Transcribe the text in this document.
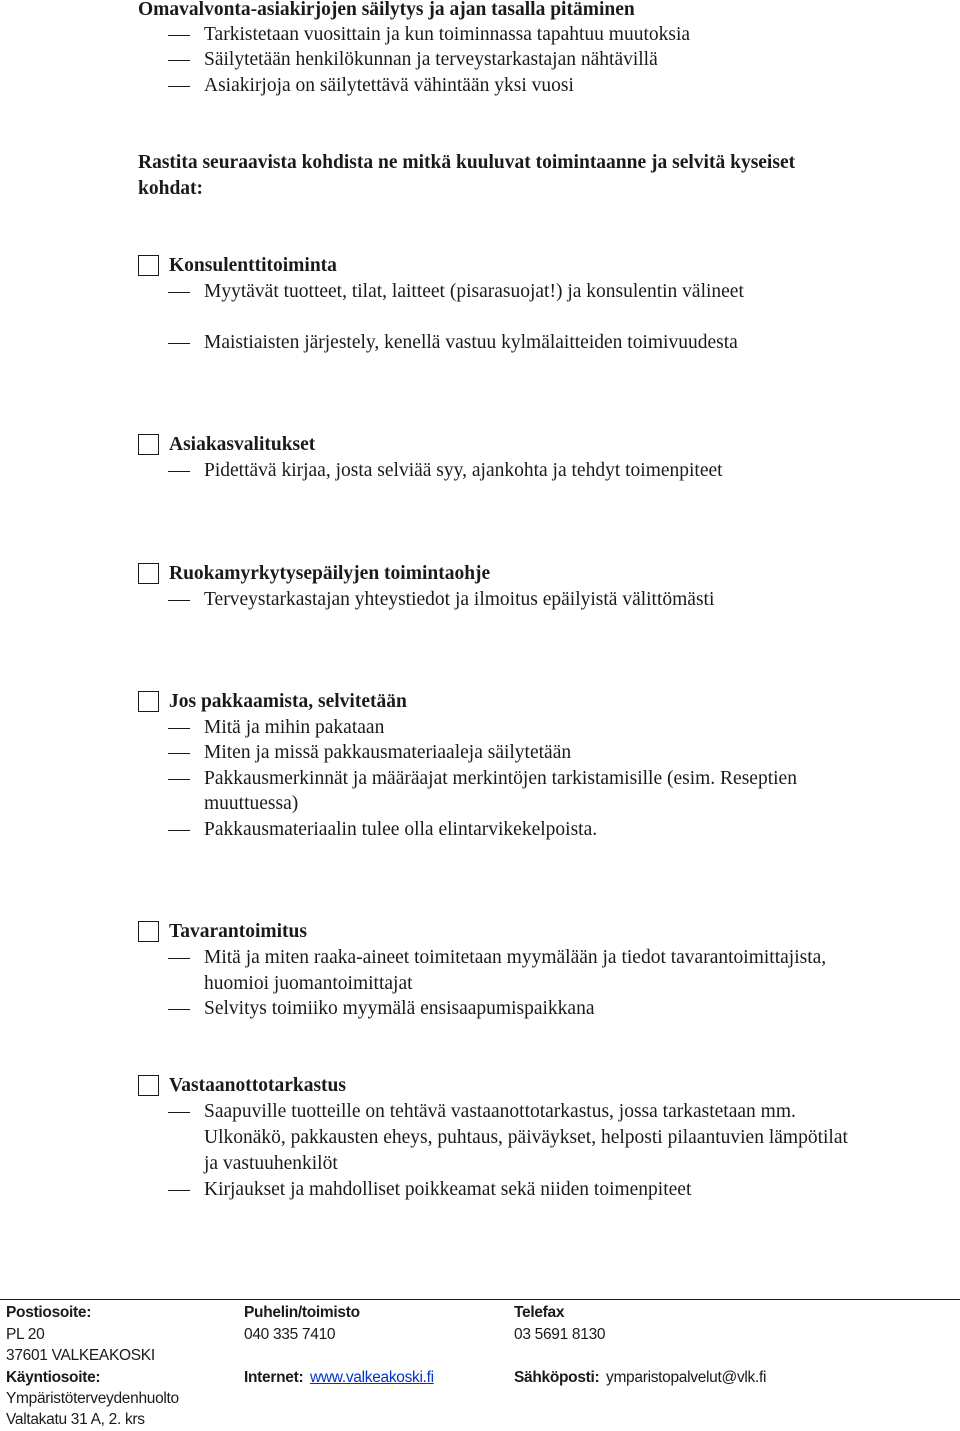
Omavalvonta-asiakirjojen säilytys ja ajan tasalla pitäminen
Tarkistetaan vuosittain ja kun toiminnassa tapahtuu muutoksia
Säilytetään henkilökunnan ja terveystarkastajan nähtävillä
Asiakirjoja on säilytettävä vähintään yksi vuosi
Rastita seuraavista kohdista ne mitkä kuuluvat toimintaanne ja selvitä kyseiset
kohdat:
Konsulenttitoiminta
Myytävät tuotteet, tilat, laitteet (pisarasuojat!) ja konsulentin välineet
Maistiaisten järjestely, kenellä vastuu kylmälaitteiden toimivuudesta
Asiakasvalitukset
Pidettävä kirjaa, josta selviää syy, ajankohta ja tehdyt toimenpiteet
Ruokamyrkytysepäilyjen toimintaohje
Terveystarkastajan yhteystiedot ja ilmoitus epäilyistä välittömästi
Jos pakkaamista, selvitetään
Mitä ja mihin pakataan
Miten ja missä pakkausmateriaaleja säilytetään
Pakkausmerkinnät ja määräajat merkintöjen tarkistamisille (esim. Reseptien
muuttuessa)
Pakkausmateriaalin tulee olla elintarvikekelpoista.
Tavarantoimitus
Mitä ja miten raaka-aineet toimitetaan myymälään ja tiedot tavarantoimittajista,
huomioi juomantoimittajat
Selvitys toimiiko myymälä ensisaapumispaikkana
Vastaanottotarkastus
Saapuville tuotteille on tehtävä vastaanottotarkastus, jossa tarkastetaan mm.
Ulkonäkö, pakkausten eheys, puhtaus, päiväykset, helposti pilaantuvien lämpötilat
ja vastuuhenkilöt
Kirjaukset ja mahdolliset poikkeamat sekä niiden toimenpiteet
Postiosoite:
PL 20
37601 VALKEAKOSKI
Käyntiosoite:
Ympäristöterveydenhuolto
Valtakatu 31 A, 2. krs
Puhelin/toimisto
040 335 7410
Internet: www.valkeakoski.fi
Telefax
03 5691 8130
Sähköposti: ymparistopalvelut@vlk.fi
